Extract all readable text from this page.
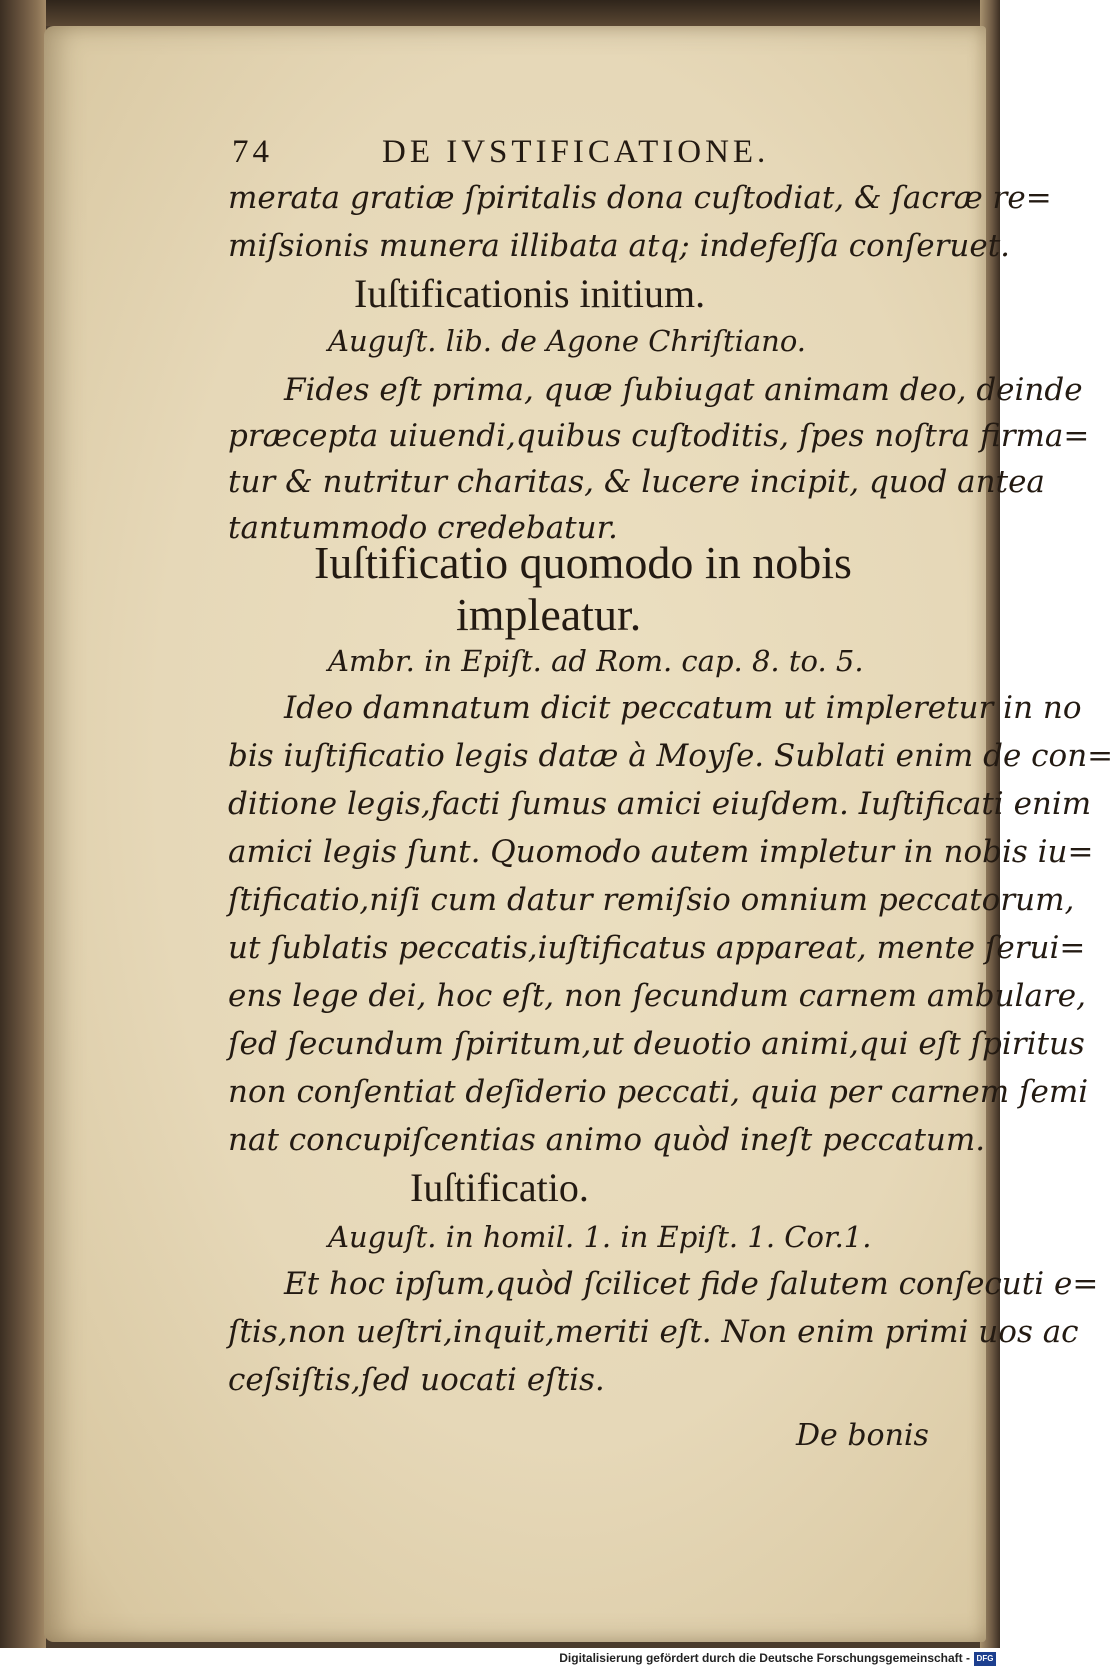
74	DE IVSTIFICATIONE.
merata gratiæ ſpiritalis dona cuſtodiat, & ſacræ re=
miſsionis munera illibata atq; indefeſſa conſeruet.
Iuſtificationis initium.
Auguſt. lib. de Agone Chriſtiano.
Fides eſt prima, quæ ſubiugat animam deo, deinde
præcepta uiuendi,quibus cuſtoditis, ſpes noſtra firma=
tur & nutritur charitas, & lucere incipit, quod antea
tantummodo credebatur.
Iuſtificatio quomodo in nobis
impleatur.
Ambr. in Epiſt. ad Rom. cap. 8. to. 5.
Ideo damnatum dicit peccatum ut impleretur in no
bis iuſtificatio legis datæ à Moyſe. Sublati enim de con=
ditione legis,facti ſumus amici eiuſdem. Iuſtificati enim
amici legis ſunt. Quomodo autem impletur in nobis iu=
ſtificatio,niſi cum datur remiſsio omnium peccatorum,
ut ſublatis peccatis,iuſtificatus appareat, mente ſerui=
ens lege dei, hoc eſt, non ſecundum carnem ambulare,
ſed ſecundum ſpiritum,ut deuotio animi,qui eſt ſpiritus
non conſentiat deſiderio peccati, quia per carnem ſemi
nat concupiſcentias animo quòd ineſt peccatum.
Iuſtificatio.
Auguſt. in homil. 1. in Epiſt. 1. Cor.1.
Et hoc ipſum,quòd ſcilicet fide ſalutem conſecuti e=
ſtis,non ueſtri,inquit,meriti eſt. Non enim primi uos ac
ceſsiſtis,ſed uocati eſtis.
De bonis
Digitalisierung gefördert durch die Deutsche Forschungsgemeinschaft - DFG
